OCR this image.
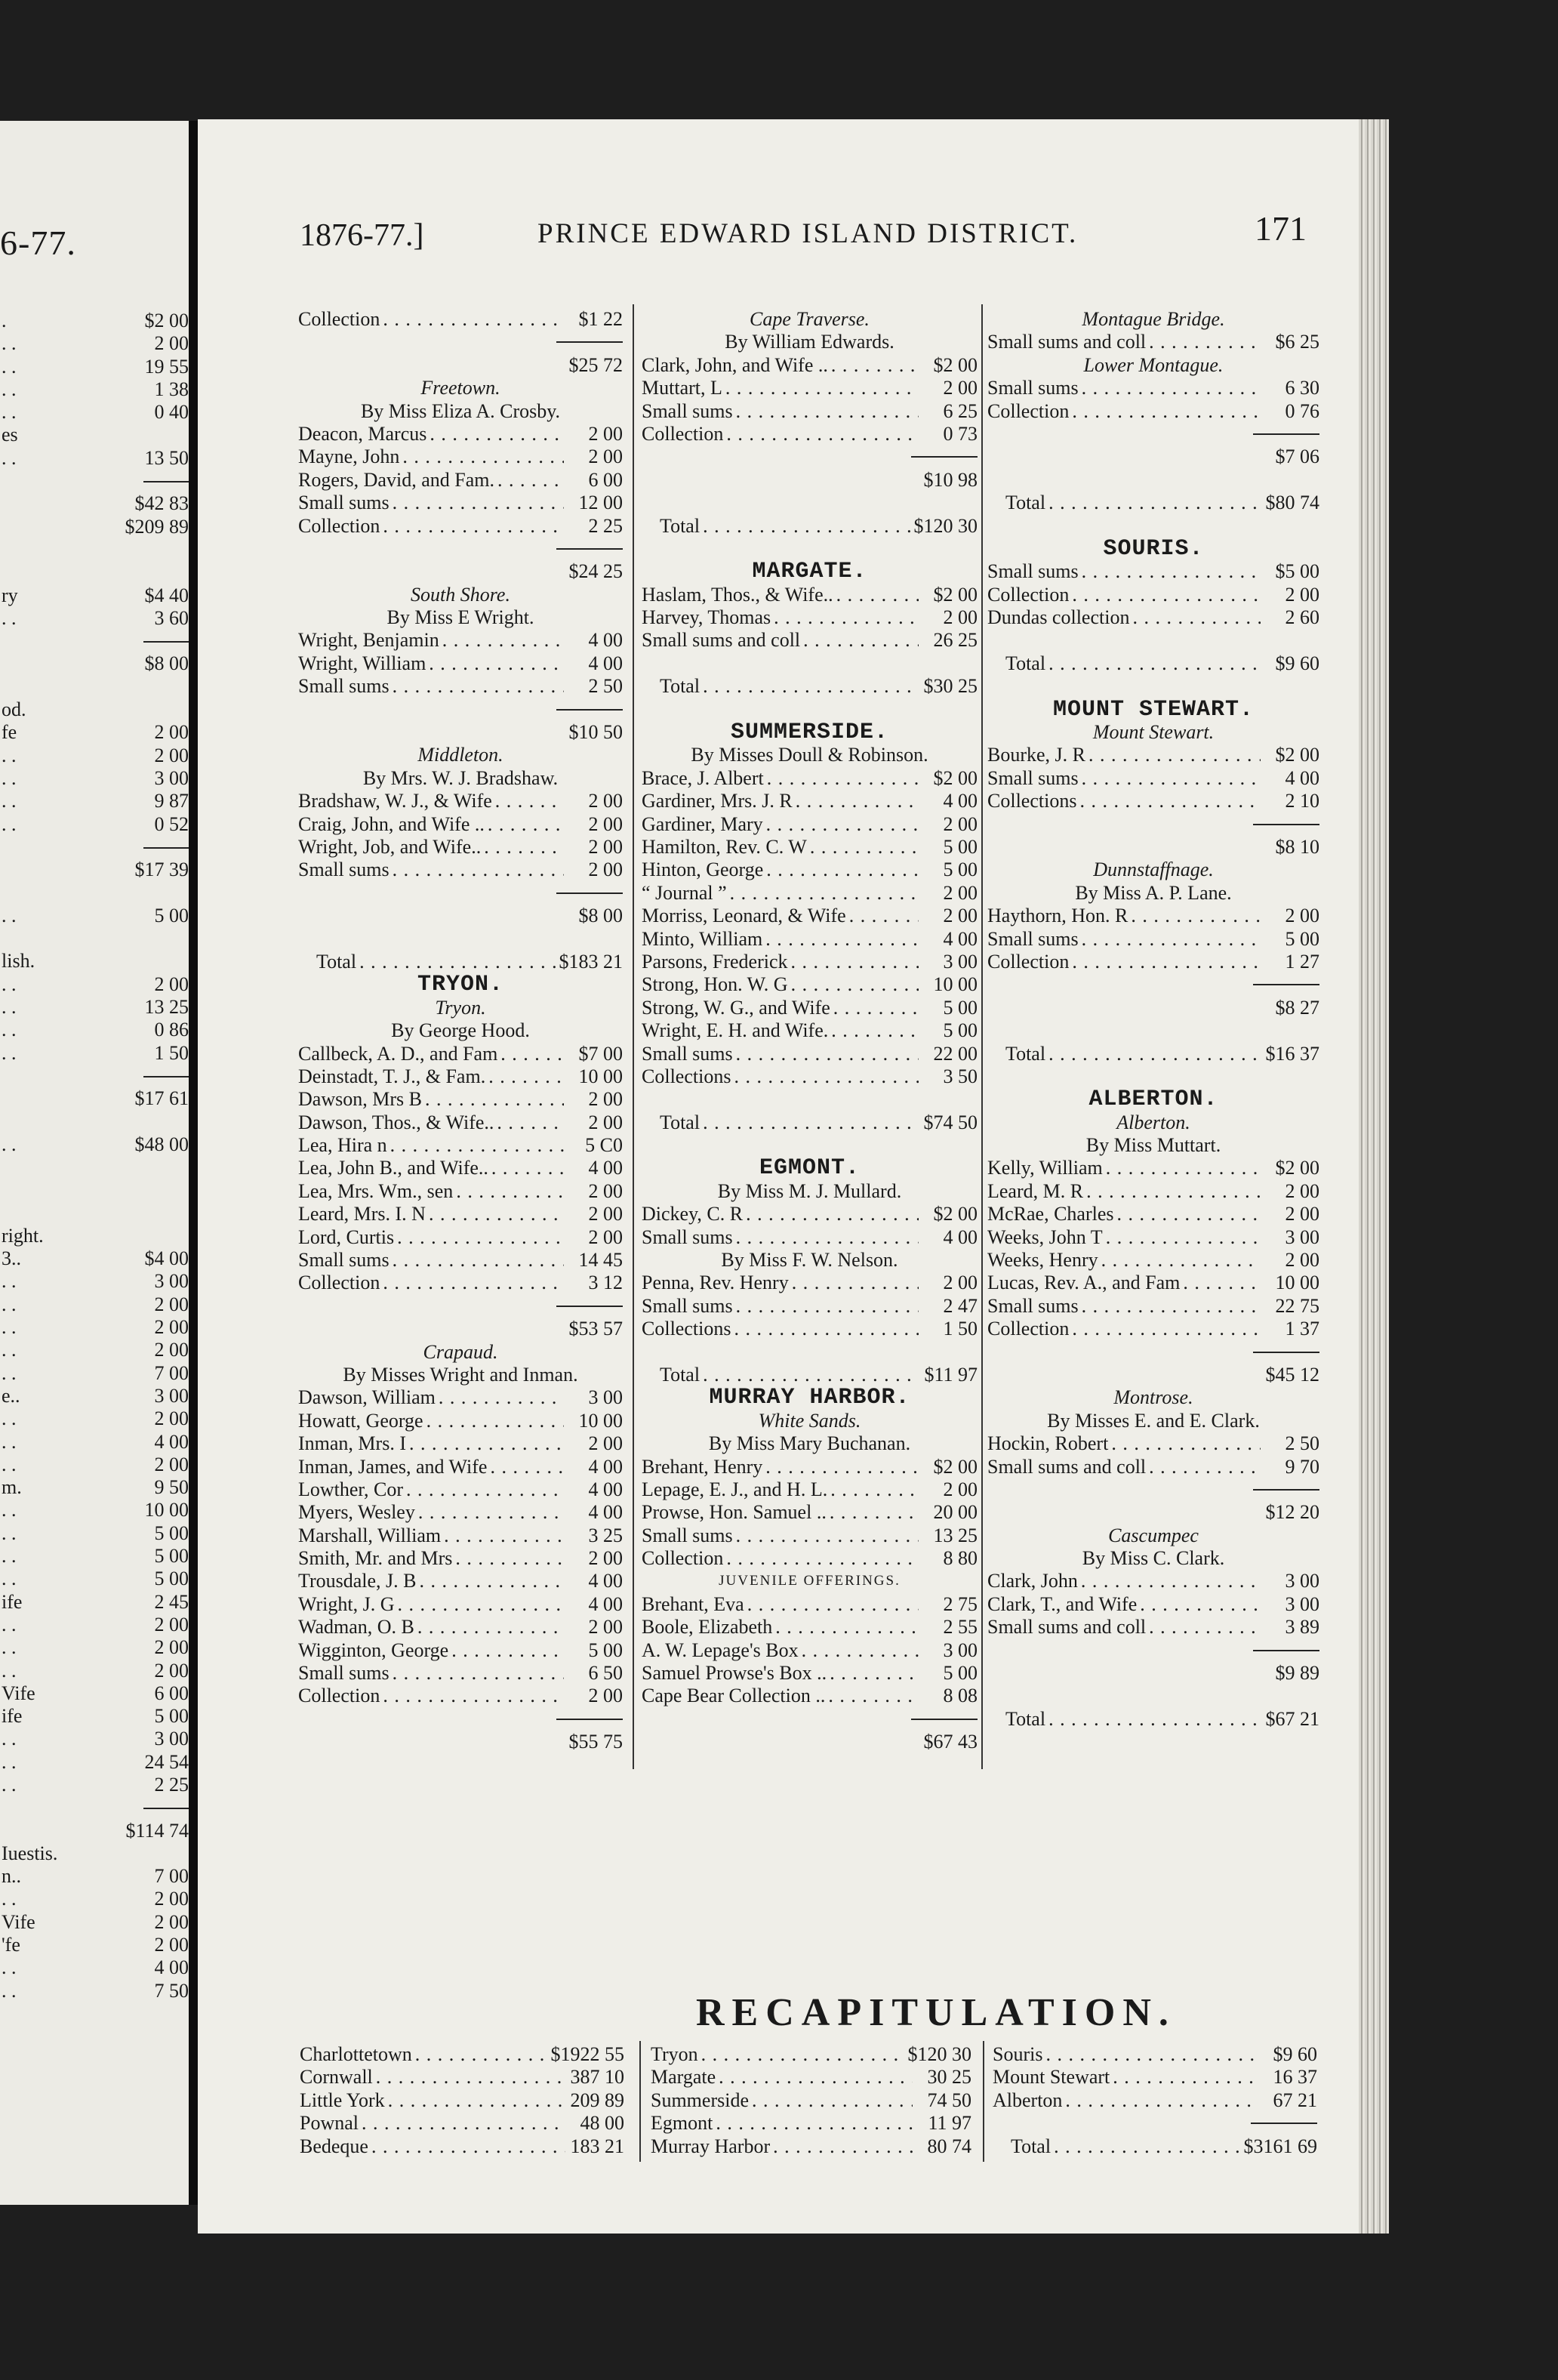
6-77.
.	$2 00
. .	2 00
. .	19 55
. .	1 38
. .	0 40
es
. .	13 50
$42 83
$209 89
ry	$4 40
. .	3 60
$8 00
od.
fe	2 00
. .	2 00
. .	3 00
. .	9 87
. .	0 52
$17 39
. .	5 00
lish.
. .	2 00
. .	13 25
. .	0 86
. .	1 50
$17 61
. .	$48 00
right.
3..	$4 00
. .	3 00
. .	2 00
. .	2 00
. .	2 00
. .	7 00
e..	3 00
. .	2 00
. .	4 00
. .	2 00
m.	9 50
. .	10 00
. .	5 00
. .	5 00
. .	5 00
ife	2 45
. .	2 00
. .	2 00
. .	2 00
Vife	6 00
ife	5 00
. .	3 00
. .	24 54
. .	2 25
$114 74
Iuestis.
n..	7 00
. .	2 00
Vife	2 00
'fe	2 00
. .	4 00
. .	7 50
1876-77.]	PRINCE EDWARD ISLAND DISTRICT.	171
Collection . . .	$1 22
$25 72
Freetown.
By Miss Eliza A. Crosby.
Deacon, Marcus . . .	2 00
Mayne, John . . .	2 00
Rogers, David, and Fam. . . .	6 00
Small sums . . .	12 00
Collection . . .	2 25
$24 25
South Shore.
By Miss E Wright.
Wright, Benjamin . . .	4 00
Wright, William . . .	4 00
Small sums . . .	2 50
$10 50
Middleton.
By Mrs. W. J. Bradshaw.
Bradshaw, W. J., & Wife . . .	2 00
Craig, John, and Wife .. . . .	2 00
Wright, Job, and Wife.. . . .	2 00
Small sums . . .	2 00
$8 00
Total . . .	$183 21
TRYON.
Tryon.
By George Hood.
Callbeck, A. D., and Fam . . .	$7 00
Deinstadt, T. J., & Fam. . . .	10 00
Dawson, Mrs B . . .	2 00
Dawson, Thos., & Wife.. . . .	2 00
Lea, Hira n . . .	5 C0
Lea, John B., and Wife.. . . .	4 00
Lea, Mrs. Wm., sen . . .	2 00
Leard, Mrs. I. N . . .	2 00
Lord, Curtis . . .	2 00
Small sums . . .	14 45
Collection . . .	3 12
$53 57
Crapaud.
By Misses Wright and Inman.
Dawson, William . . .	3 00
Howatt, George . . .	10 00
Inman, Mrs. I . . .	2 00
Inman, James, and Wife . . .	4 00
Lowther, Cor . . .	4 00
Myers, Wesley . . .	4 00
Marshall, William . . .	3 25
Smith, Mr. and Mrs . . .	2 00
Trousdale, J. B . . .	4 00
Wright, J. G . . .	4 00
Wadman, O. B . . .	2 00
Wigginton, George . . .	5 00
Small sums . . .	6 50
Collection . . .	2 00
$55 75
Cape Traverse.
By William Edwards.
Clark, John, and Wife .. . . .	$2 00
Muttart, L . . .	2 00
Small sums . . .	6 25
Collection . . .	0 73
$10 98
Total . . .	$120 30
MARGATE.
Haslam, Thos., & Wife.. . . .	$2 00
Harvey, Thomas . . .	2 00
Small sums and coll . . .	26 25
Total . . .	$30 25
SUMMERSIDE.
By Misses Doull & Robinson.
Brace, J. Albert . . .	$2 00
Gardiner, Mrs. J. R . . .	4 00
Gardiner, Mary . . .	2 00
Hamilton, Rev. C. W . . .	5 00
Hinton, George . . .	5 00
“ Journal ” . . .	2 00
Morriss, Leonard, & Wife . . .	2 00
Minto, William . . .	4 00
Parsons, Frederick . . .	3 00
Strong, Hon. W. G . . .	10 00
Strong, W. G., and Wife . . .	5 00
Wright, E. H. and Wife. . . .	5 00
Small sums . . .	22 00
Collections . . .	3 50
Total . . .	$74 50
EGMONT.
By Miss M. J. Mullard.
Dickey, C. R . . .	$2 00
Small sums . . .	4 00
By Miss F. W. Nelson.
Penna, Rev. Henry . . .	2 00
Small sums . . .	2 47
Collections . . .	1 50
Total . . .	$11 97
MURRAY HARBOR.
White Sands.
By Miss Mary Buchanan.
Brehant, Henry . . .	$2 00
Lepage, E. J., and H. L. . . .	2 00
Prowse, Hon. Samuel .. . . .	20 00
Small sums . . .	13 25
Collection . . .	8 80
JUVENILE OFFERINGS.
Brehant, Eva . . .	2 75
Boole, Elizabeth . . .	2 55
A. W. Lepage's Box . . .	3 00
Samuel Prowse's Box .. . . .	5 00
Cape Bear Collection .. . . .	8 08
$67 43
Montague Bridge.
Small sums and coll . . .	$6 25
Lower Montague.
Small sums . . .	6 30
Collection . . .	0 76
$7 06
Total . . .	$80 74
SOURIS.
Small sums . . .	$5 00
Collection . . .	2 00
Dundas collection . . .	2 60
Total . . .	$9 60
MOUNT STEWART.
Mount Stewart.
Bourke, J. R . . .	$2 00
Small sums . . .	4 00
Collections . . .	2 10
$8 10
Dunnstaffnage.
By Miss A. P. Lane.
Haythorn, Hon. R . . .	2 00
Small sums . . .	5 00
Collection . . .	1 27
$8 27
Total . . .	$16 37
ALBERTON.
Alberton.
By Miss Muttart.
Kelly, William . . .	$2 00
Leard, M. R . . .	2 00
McRae, Charles . . .	2 00
Weeks, John T . . .	3 00
Weeks, Henry . . .	2 00
Lucas, Rev. A., and Fam . . .	10 00
Small sums . . .	22 75
Collection . . .	1 37
$45 12
Montrose.
By Misses E. and E. Clark.
Hockin, Robert . . .	2 50
Small sums and coll . . .	9 70
$12 20
Cascumpec
By Miss C. Clark.
Clark, John . . .	3 00
Clark, T., and Wife . . .	3 00
Small sums and coll . . .	3 89
$9 89
Total . . .	$67 21
RECAPITULATION.
Charlottetown . . .	$1922 55
Cornwall . . .	387 10
Little York . . .	209 89
Pownal . . .	48 00
Bedeque . . .	183 21
Tryon . . .	$120 30
Margate . . .	30 25
Summerside . . .	74 50
Egmont . . .	11 97
Murray Harbor . . .	80 74
Souris . . .	$9 60
Mount Stewart . . .	16 37
Alberton . . .	67 21
Total . . .	$3161 69
